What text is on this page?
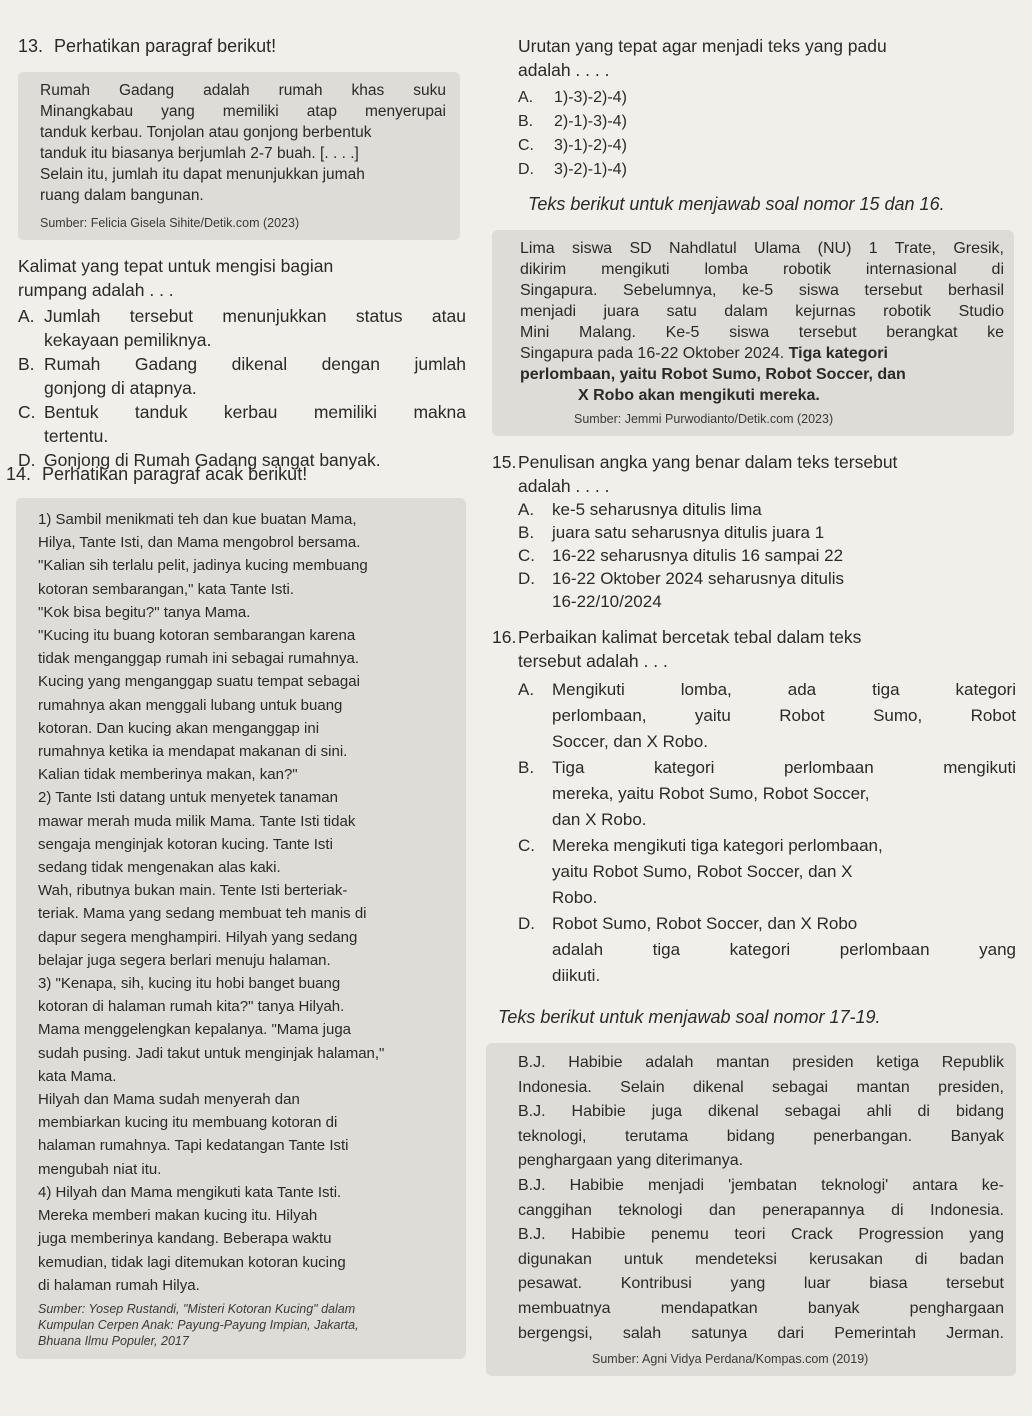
13. Perhatikan paragraf berikut!
Rumah Gadang adalah rumah khas suku
Minangkabau yang memiliki atap menyerupai
tanduk kerbau. Tonjolan atau gonjong berbentuk
tanduk itu biasanya berjumlah 2-7 buah. [. . . .]
Selain itu, jumlah itu dapat menunjukkan jumah
ruang dalam bangunan.
Sumber: Felicia Gisela Sihite/Detik.com (2023)
Kalimat yang tepat untuk mengisi bagian
rumpang adalah . . .
A. Jumlah tersebut menunjukkan status atau
kekayaan pemiliknya.
B. Rumah Gadang dikenal dengan jumlah
gonjong di atapnya.
C. Bentuk tanduk kerbau memiliki makna
tertentu.
D. Gonjong di Rumah Gadang sangat banyak.
14. Perhatikan paragraf acak berikut!
1) Sambil menikmati teh dan kue buatan Mama,
Hilya, Tante Isti, dan Mama mengobrol bersama.
"Kalian sih terlalu pelit, jadinya kucing membuang
kotoran sembarangan," kata Tante Isti.
"Kok bisa begitu?" tanya Mama.
"Kucing itu buang kotoran sembarangan karena
tidak menganggap rumah ini sebagai rumahnya.
Kucing yang menganggap suatu tempat sebagai
rumahnya akan menggali lubang untuk buang
kotoran. Dan kucing akan menganggap ini
rumahnya ketika ia mendapat makanan di sini.
Kalian tidak memberinya makan, kan?"
2) Tante Isti datang untuk menyetek tanaman
mawar merah muda milik Mama. Tante Isti tidak
sengaja menginjak kotoran kucing. Tante Isti
sedang tidak mengenakan alas kaki.
Wah, ributnya bukan main. Tente Isti berteriak-
teriak. Mama yang sedang membuat teh manis di
dapur segera menghampiri. Hilyah yang sedang
belajar juga segera berlari menuju halaman.
3) "Kenapa, sih, kucing itu hobi banget buang
kotoran di halaman rumah kita?" tanya Hilyah.
Mama menggelengkan kepalanya. "Mama juga
sudah pusing. Jadi takut untuk menginjak halaman,"
kata Mama.
Hilyah dan Mama sudah menyerah dan
membiarkan kucing itu membuang kotoran di
halaman rumahnya. Tapi kedatangan Tante Isti
mengubah niat itu.
4) Hilyah dan Mama mengikuti kata Tante Isti.
Mereka memberi makan kucing itu. Hilyah
juga memberinya kandang. Beberapa waktu
kemudian, tidak lagi ditemukan kotoran kucing
di halaman rumah Hilya.
Sumber: Yosep Rustandi, "Misteri Kotoran Kucing" dalam
Kumpulan Cerpen Anak: Payung-Payung Impian, Jakarta,
Bhuana Ilmu Populer, 2017
Urutan yang tepat agar menjadi teks yang padu
adalah . . . .
A.	1)-3)-2)-4)
B.	2)-1)-3)-4)
C.	3)-1)-2)-4)
D.	3)-2)-1)-4)
Teks berikut untuk menjawab soal nomor 15 dan 16.
Lima siswa SD Nahdlatul Ulama (NU) 1 Trate, Gresik,
dikirim mengikuti lomba robotik internasional di
Singapura. Sebelumnya, ke-5 siswa tersebut berhasil
menjadi juara satu dalam kejurnas robotik Studio
Mini Malang. Ke-5 siswa tersebut berangkat ke
Singapura pada 16-22 Oktober 2024. Tiga kategori
perlombaan, yaitu Robot Sumo, Robot Soccer, dan
X Robo akan mengikuti mereka.
Sumber: Jemmi Purwodianto/Detik.com (2023)
15. Penulisan angka yang benar dalam teks tersebut
adalah . . . .
A.	ke-5 seharusnya ditulis lima
B.	juara satu seharusnya ditulis juara 1
C.	16-22 seharusnya ditulis 16 sampai 22
D.	16-22 Oktober 2024 seharusnya ditulis
16-22/10/2024
16. Perbaikan kalimat bercetak tebal dalam teks
tersebut adalah . . .
A.	Mengikuti lomba, ada tiga kategori
perlombaan, yaitu Robot Sumo, Robot
Soccer, dan X Robo.
B.	Tiga kategori perlombaan mengikuti
mereka, yaitu Robot Sumo, Robot Soccer,
dan X Robo.
C.	Mereka mengikuti tiga kategori perlombaan,
yaitu Robot Sumo, Robot Soccer, dan X
Robo.
D.	Robot Sumo, Robot Soccer, dan X Robo
adalah tiga kategori perlombaan yang
diikuti.
Teks berikut untuk menjawab soal nomor 17-19.
B.J. Habibie adalah mantan presiden ketiga Republik
Indonesia. Selain dikenal sebagai mantan presiden,
B.J. Habibie juga dikenal sebagai ahli di bidang
teknologi, terutama bidang penerbangan. Banyak
penghargaan yang diterimanya.
B.J. Habibie menjadi 'jembatan teknologi' antara ke-
canggihan teknologi dan penerapannya di Indonesia.
B.J. Habibie penemu teori Crack Progression yang
digunakan untuk mendeteksi kerusakan di badan
pesawat. Kontribusi yang luar biasa tersebut
membuatnya mendapatkan banyak penghargaan
bergengsi, salah satunya dari Pemerintah Jerman.
Sumber: Agni Vidya Perdana/Kompas.com (2019)
